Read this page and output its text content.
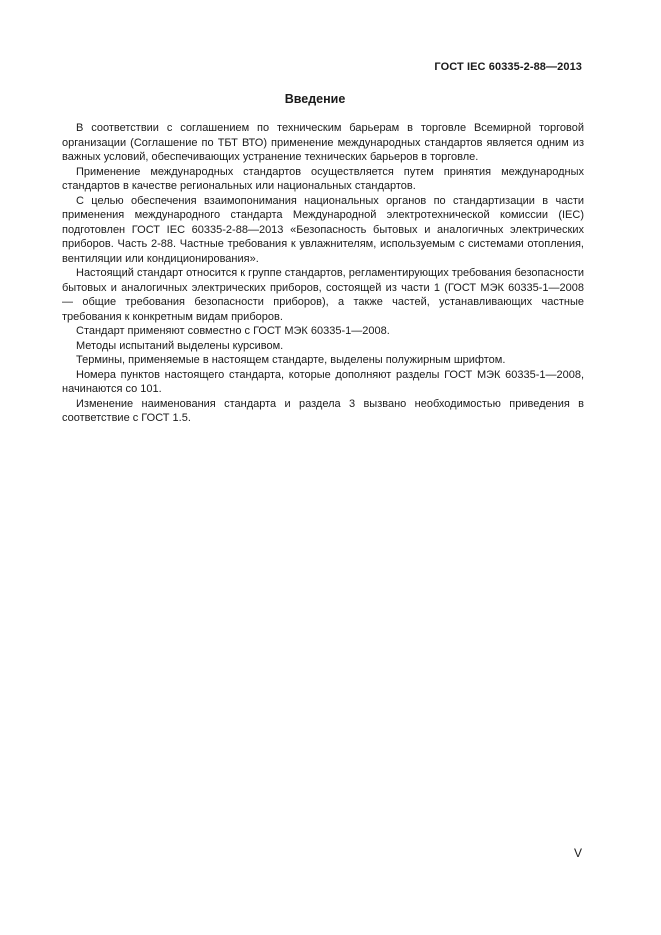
ГОСТ IEC 60335-2-88—2013
Введение

В соответствии с соглашением по техническим барьерам в торговле Всемирной торговой организации (Соглашение по ТБТ ВТО) применение международных стандартов является одним из важных условий, обеспечивающих устранение технических барьеров в торговле.

Применение международных стандартов осуществляется путем принятия международных стандартов в качестве региональных или национальных стандартов.

С целью обеспечения взаимопонимания национальных органов по стандартизации в части применения международного стандарта Международной электротехнической комиссии (IEC) подготовлен ГОСТ IEC 60335-2-88—2013 «Безопасность бытовых и аналогичных электрических приборов. Часть 2-88. Частные требования к увлажнителям, используемым с системами отопления, вентиляции или кондиционирования».

Настоящий стандарт относится к группе стандартов, регламентирующих требования безопасности бытовых и аналогичных электрических приборов, состоящей из части 1 (ГОСТ МЭК 60335-1—2008 — общие требования безопасности приборов), а также частей, устанавливающих частные требования к конкретным видам приборов.

Стандарт применяют совместно с ГОСТ МЭК 60335-1—2008.

Методы испытаний выделены курсивом.

Термины, применяемые в настоящем стандарте, выделены полужирным шрифтом.

Номера пунктов настоящего стандарта, которые дополняют разделы ГОСТ МЭК 60335-1—2008, начинаются со 101.

Изменение наименования стандарта и раздела 3 вызвано необходимостью приведения в соответствие с ГОСТ 1.5.

V
